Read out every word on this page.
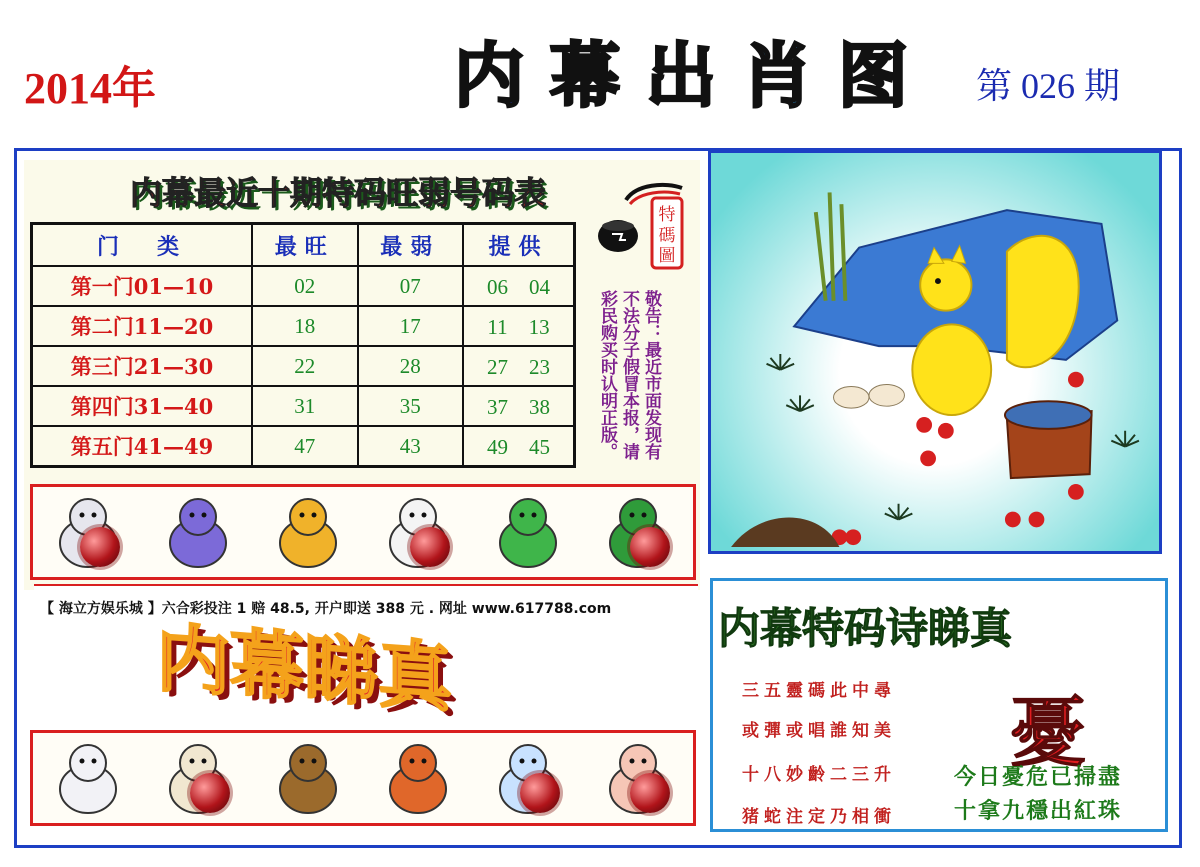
2014年	内 幕 出 肖 图	第 026 期
内幕最近十期特码旺弱号码表
门　类	最旺	最弱	提供
第一门01—10	02	07	06　04
第二门11—20	18	17	11　13
第三门21—30	22	28	27　23
第四门31—40	31	35	37　38
第五门41—49	47	43	49　45
特
碼
圖
敬告：最近市面发现有不法分子假冒本报，请彩民购买时认明正版。
【 海立方娱乐城 】六合彩投注 1 赔 48.5, 开户即送 388 元 . 网址 www.617788.com
内幕睇真	内幕特码诗睇真
三五靈碼此中尋
或彈或唱誰知美
十八妙齡二三升
猪蛇注定乃相衝
憂
今日憂危已掃盡
十拿九穩出紅珠
